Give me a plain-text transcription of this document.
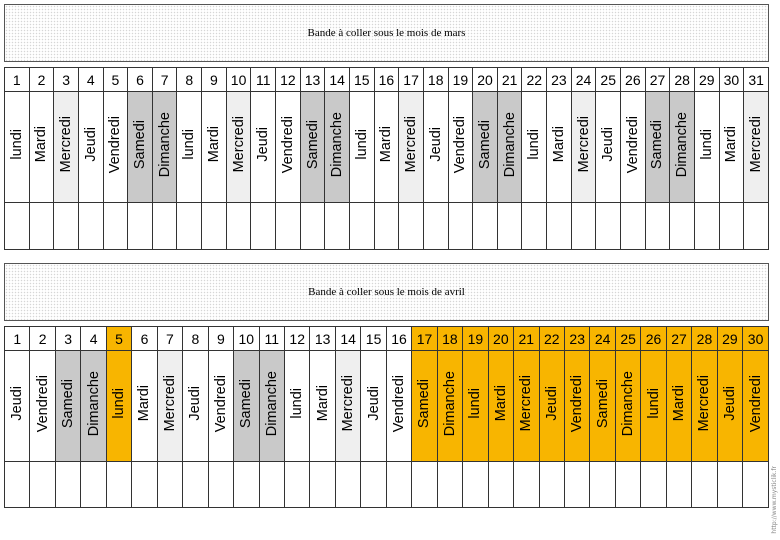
Bande à coller sous le mois de mars
1	2	3	4	5	6	7	8	9	10	11	12	13	14	15	16	17	18	19	20	21	22	23	24	25	26	27	28	29	30	31
lundi	Mardi	Mercredi	Jeudi	Vendredi	Samedi	Dimanche	lundi	Mardi	Mercredi	Jeudi	Vendredi	Samedi	Dimanche	lundi	Mardi	Mercredi	Jeudi	Vendredi	Samedi	Dimanche	lundi	Mardi	Mercredi	Jeudi	Vendredi	Samedi	Dimanche	lundi	Mardi	Mercredi

Bande à coller sous le mois de avril
1	2	3	4	5	6	7	8	9	10	11	12	13	14	15	16	17	18	19	20	21	22	23	24	25	26	27	28	29	30
Jeudi	Vendredi	Samedi	Dimanche	lundi	Mardi	Mercredi	Jeudi	Vendredi	Samedi	Dimanche	lundi	Mardi	Mercredi	Jeudi	Vendredi	Samedi	Dimanche	lundi	Mardi	Mercredi	Jeudi	Vendredi	Samedi	Dimanche	lundi	Mardi	Mercredi	Jeudi	Vendredi

http://www.mysticlik.fr
